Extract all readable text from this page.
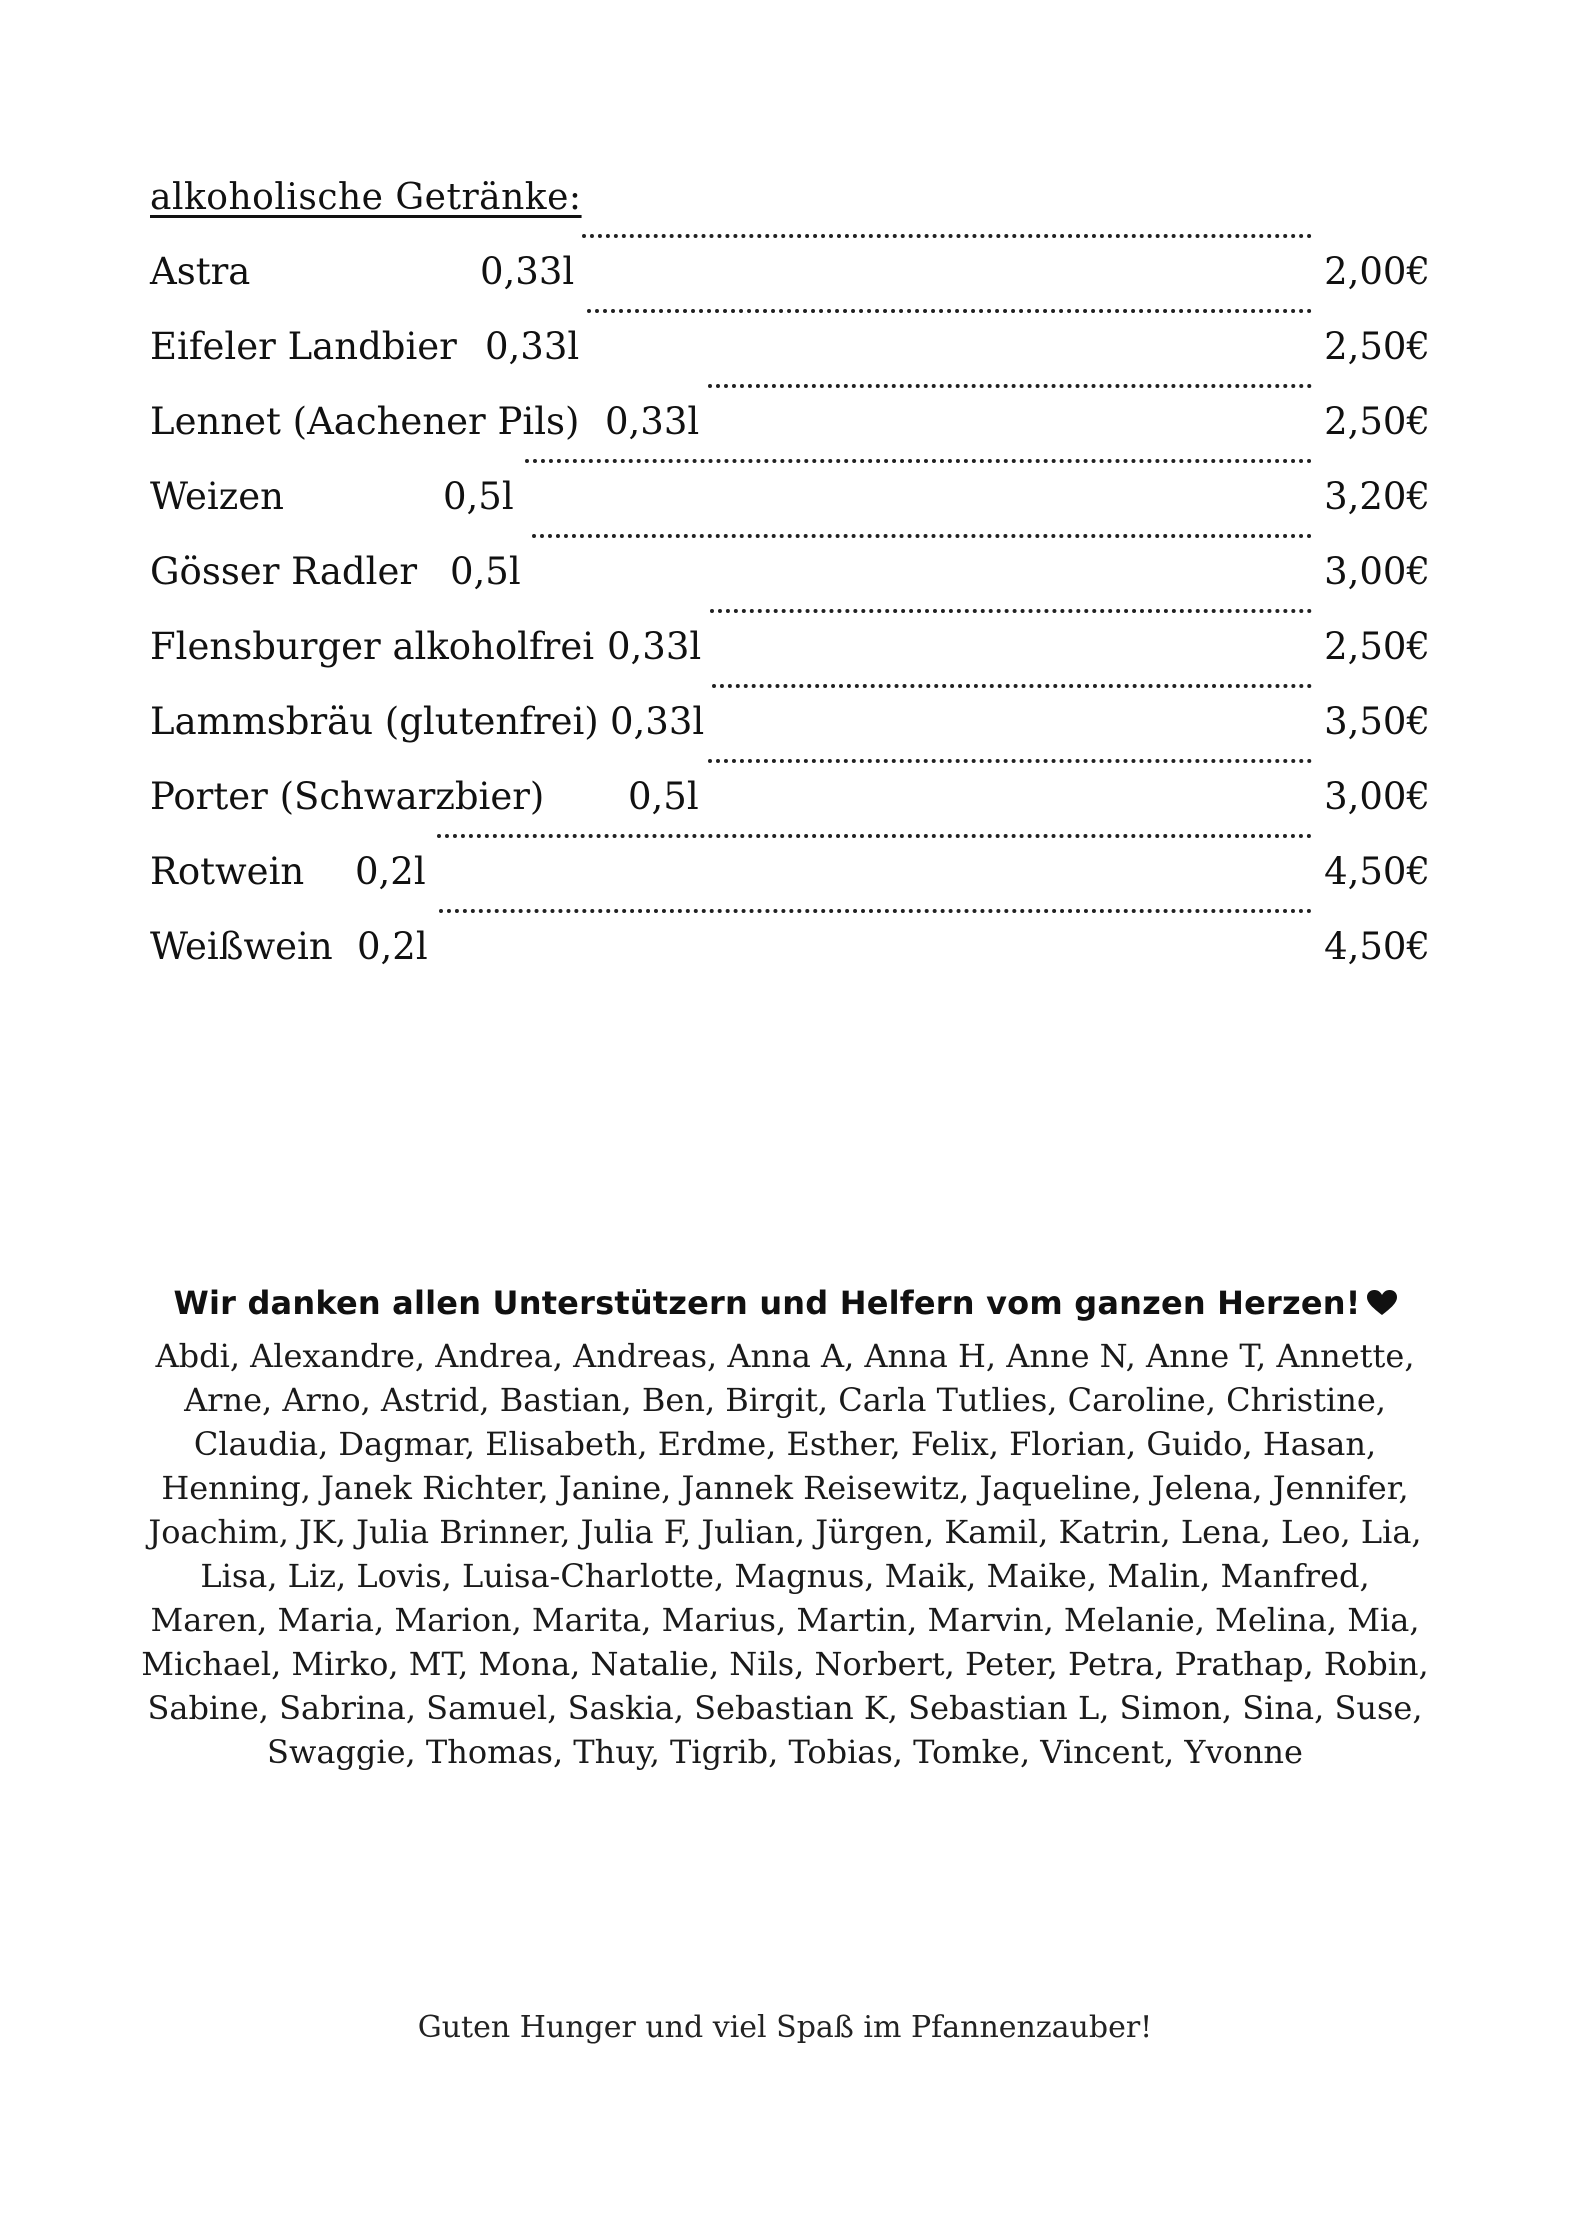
alkoholische Getränke:
Astra	0,33l	2,00€
Eifeler Landbier 0,33l	2,50€
Lennet (Aachener Pils) 0,33l	2,50€
Weizen	0,5l	3,20€
Gösser Radler 0,5l	3,00€
Flensburger alkoholfrei 0,33l	2,50€
Lammsbräu (glutenfrei) 0,33l	3,50€
Porter (Schwarzbier) 0,5l	3,00€
Rotwein 0,2l	4,50€
Weißwein 0,2l	4,50€
Wir danken allen Unterstützern und Helfern vom ganzen Herzen!
Abdi, Alexandre, Andrea, Andreas, Anna A, Anna H, Anne N, Anne T, Annette, Arne, Arno, Astrid, Bastian, Ben, Birgit, Carla Tutlies, Caroline, Christine, Claudia, Dagmar, Elisabeth, Erdme, Esther, Felix, Florian, Guido, Hasan, Henning, Janek Richter, Janine, Jannek Reisewitz, Jaqueline, Jelena, Jennifer, Joachim, JK, Julia Brinner, Julia F, Julian, Jürgen, Kamil, Katrin, Lena, Leo, Lia, Lisa, Liz, Lovis, Luisa-Charlotte, Magnus, Maik, Maike, Malin, Manfred, Maren, Maria, Marion, Marita, Marius, Martin, Marvin, Melanie, Melina, Mia, Michael, Mirko, MT, Mona, Natalie, Nils, Norbert, Peter, Petra, Prathap, Robin, Sabine, Sabrina, Samuel, Saskia, Sebastian K, Sebastian L, Simon, Sina, Suse, Swaggie, Thomas, Thuy, Tigrib, Tobias, Tomke, Vincent, Yvonne
Guten Hunger und viel Spaß im Pfannenzauber!
